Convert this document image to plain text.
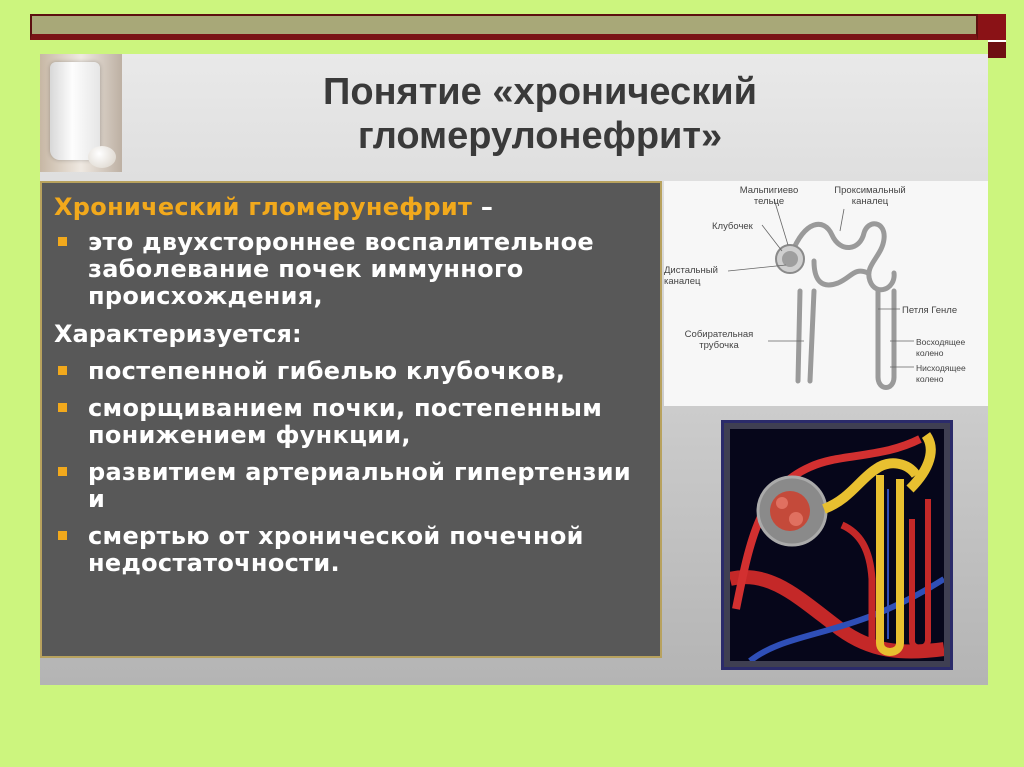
Понятие «хронический
гломерулонефрит»
Хронический гломерунефрит –
это двухстороннее воспалительное заболевание почек иммунного происхождения,
Характеризуется:
постепенной гибелью клубочков,
сморщиванием почки, постепенным понижением функции,
развитием артериальной гипертензии и
смертью от хронической почечной недостаточности.
Мальпигиево тельце
Проксимальный каналец
Клубочек
Дистальный каналец
Петля Генле
Собирательная трубочка	Восходящее колено
Нисходящее колено
